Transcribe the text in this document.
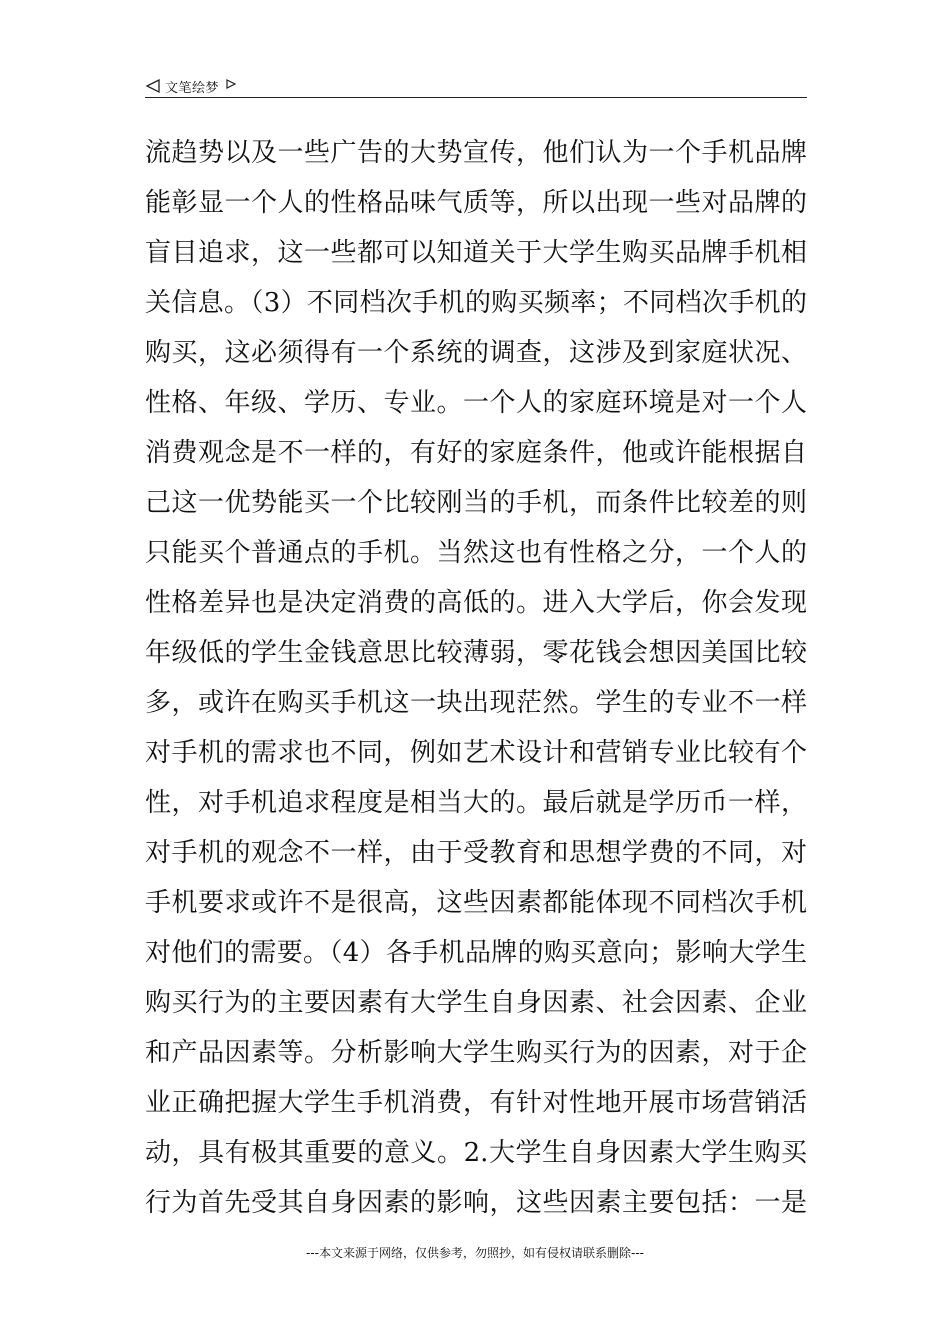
文笔绘梦
流趋势以及一些广告的大势宣传，他们认为一个手机品牌
能彰显一个人的性格品味气质等，所以出现一些对品牌的
盲目追求，这一些都可以知道关于大学生购买品牌手机相
关信息。（3）不同档次手机的购买频率；不同档次手机的
购买，这必须得有一个系统的调查，这涉及到家庭状况、
性格、年级、学历、专业。一个人的家庭环境是对一个人
消费观念是不一样的，有好的家庭条件，他或许能根据自
己这一优势能买一个比较刚当的手机，而条件比较差的则
只能买个普通点的手机。当然这也有性格之分，一个人的
性格差异也是决定消费的高低的。进入大学后，你会发现
年级低的学生金钱意思比较薄弱，零花钱会想因美国比较
多，或许在购买手机这一块出现茫然。学生的专业不一样
对手机的需求也不同，例如艺术设计和营销专业比较有个
性，对手机追求程度是相当大的。最后就是学历币一样，
对手机的观念不一样，由于受教育和思想学费的不同，对
手机要求或许不是很高，这些因素都能体现不同档次手机
对他们的需要。（4）各手机品牌的购买意向；影响大学生
购买行为的主要因素有大学生自身因素、社会因素、企业
和产品因素等。分析影响大学生购买行为的因素，对于企
业正确把握大学生手机消费，有针对性地开展市场营销活
动，具有极其重要的意义。2.大学生自身因素大学生购买
行为首先受其自身因素的影响，这些因素主要包括：一是
---本文来源于网络，仅供参考，勿照抄，如有侵权请联系删除---
